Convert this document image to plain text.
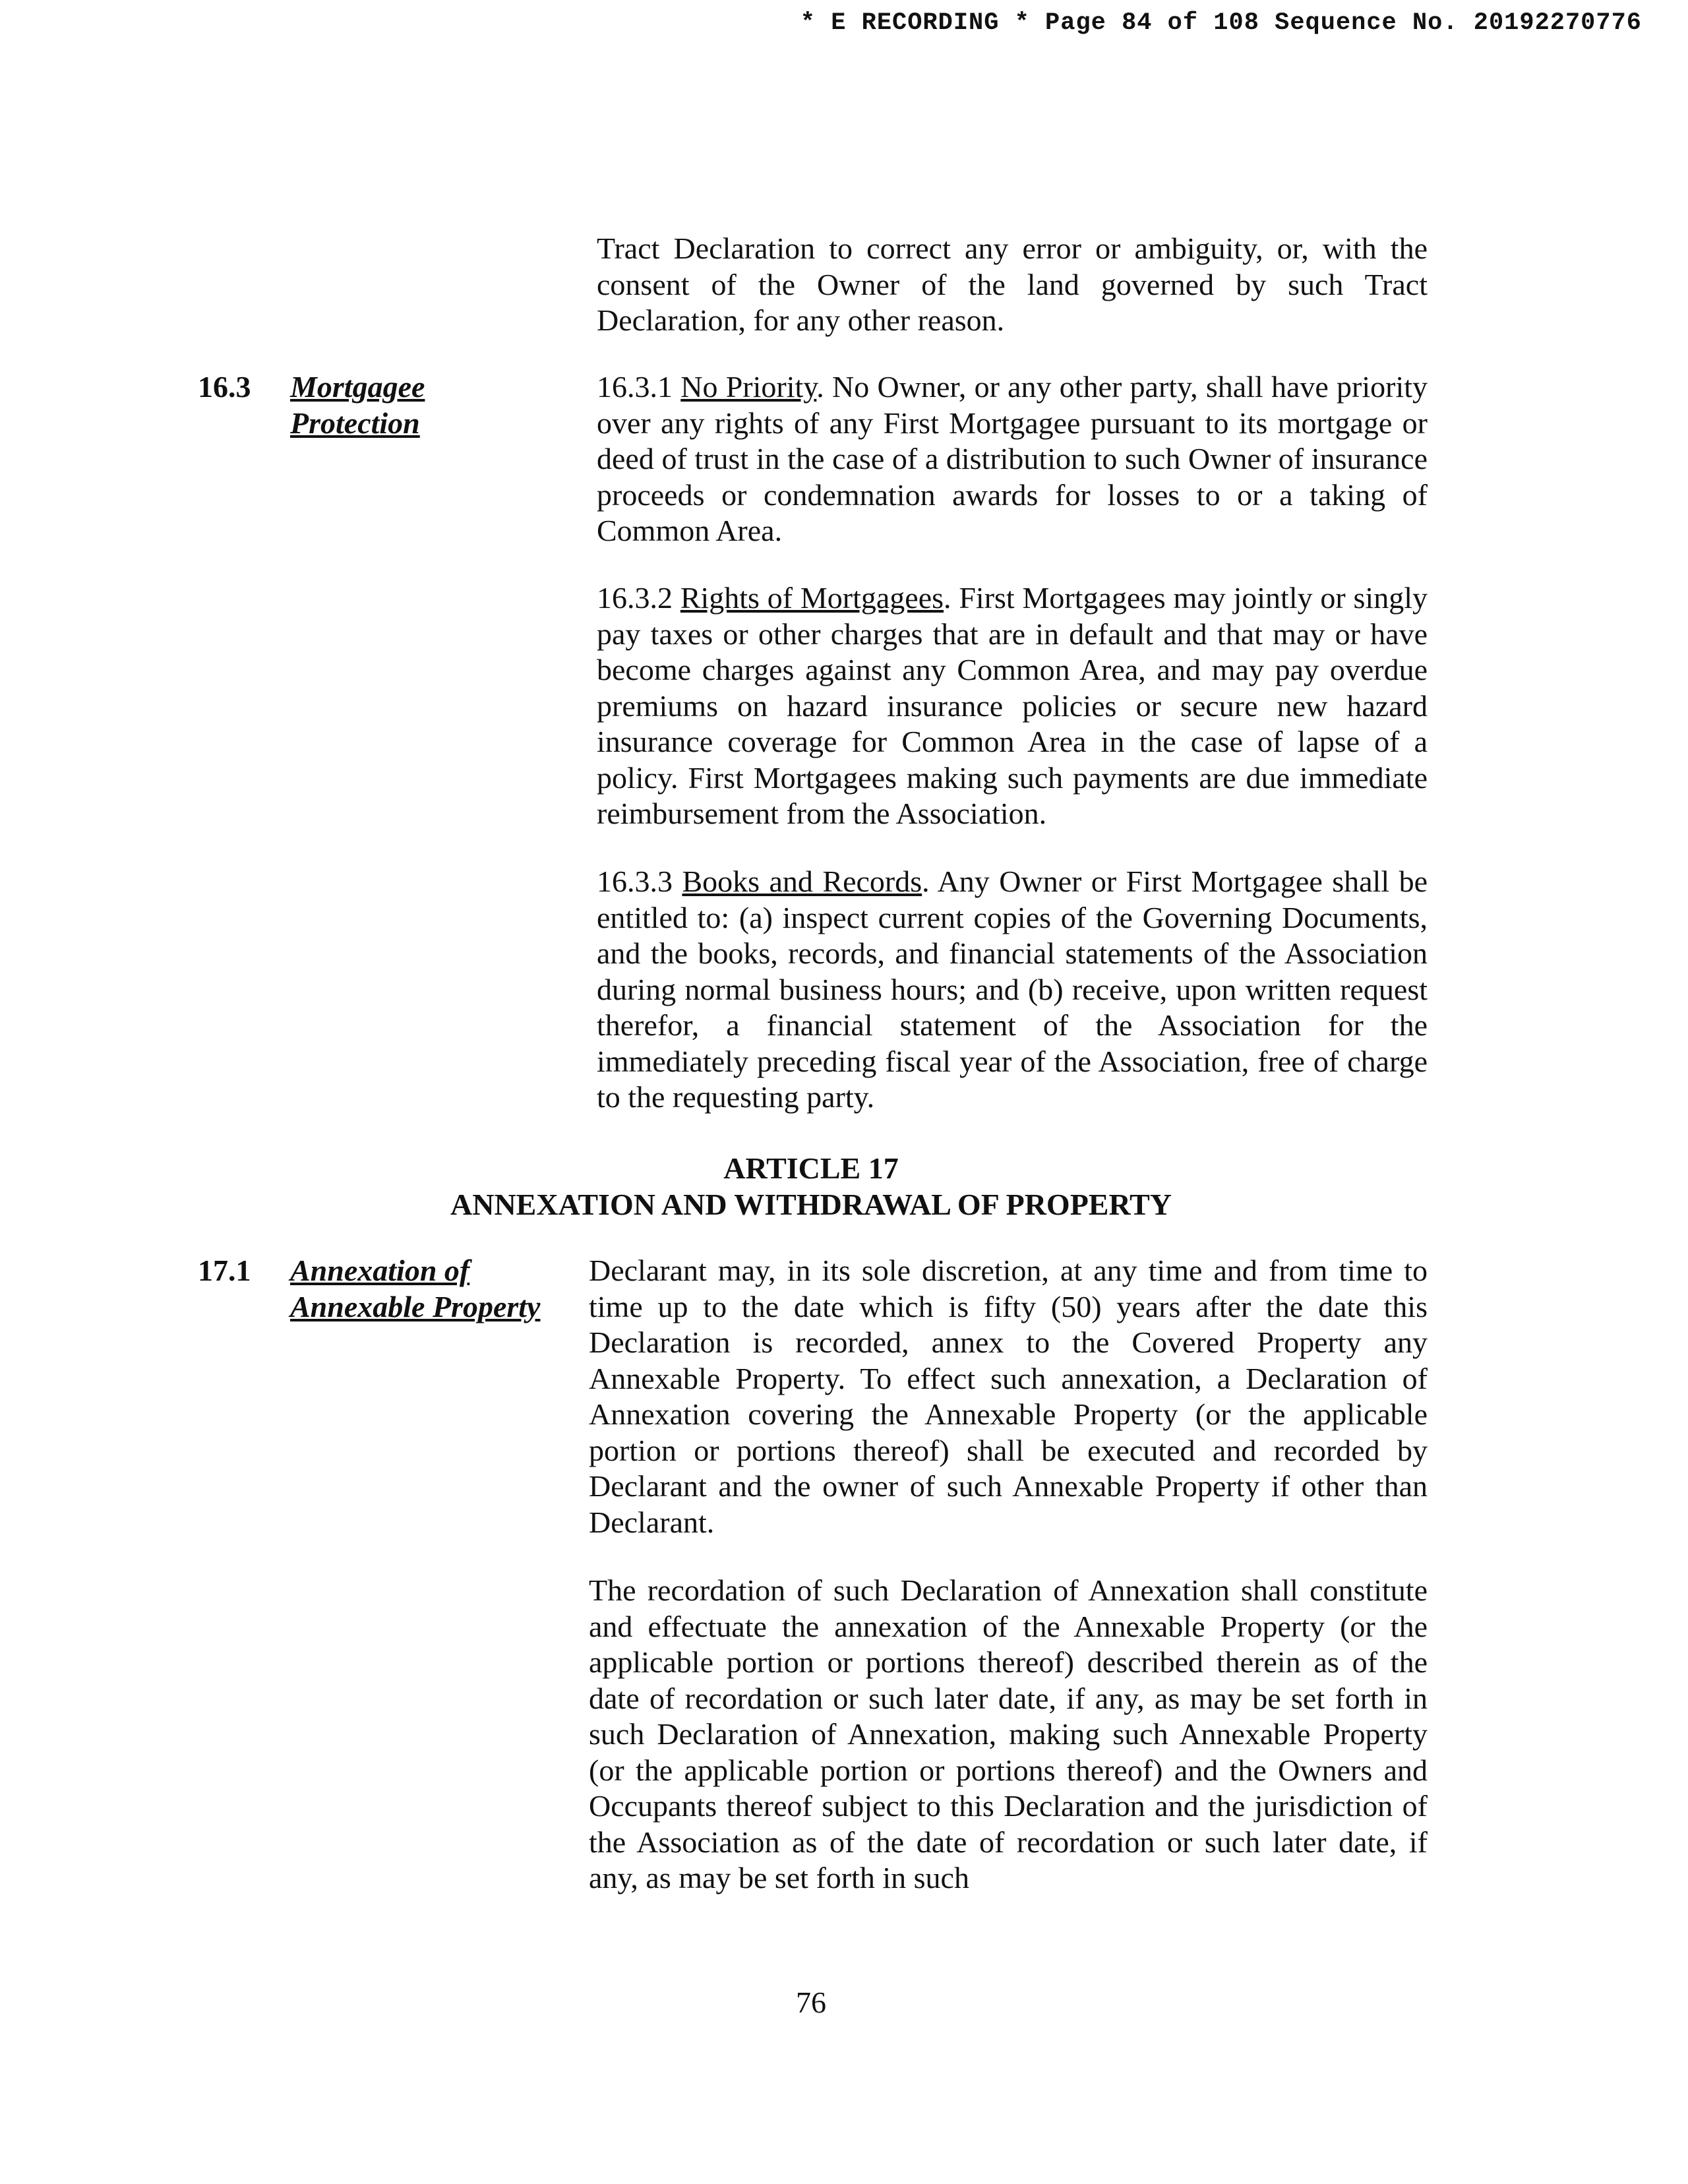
* E RECORDING * Page 84 of 108 Sequence No. 20192270776
Tract Declaration to correct any error or ambiguity, or, with the consent of the Owner of the land governed by such Tract Declaration, for any other reason.
16.3 Mortgagee
Protection
16.3.1 No Priority. No Owner, or any other party, shall have priority over any rights of any First Mortgagee pursuant to its mortgage or deed of trust in the case of a distribution to such Owner of insurance proceeds or condemnation awards for losses to or a taking of Common Area.
16.3.2 Rights of Mortgagees. First Mortgagees may jointly or singly pay taxes or other charges that are in default and that may or have become charges against any Common Area, and may pay overdue premiums on hazard insurance policies or secure new hazard insurance coverage for Common Area in the case of lapse of a policy. First Mortgagees making such payments are due immediate reimbursement from the Association.
16.3.3 Books and Records. Any Owner or First Mortgagee shall be entitled to: (a) inspect current copies of the Governing Documents, and the books, records, and financial statements of the Association during normal business hours; and (b) receive, upon written request therefor, a financial statement of the Association for the immediately preceding fiscal year of the Association, free of charge to the requesting party.
ARTICLE 17
ANNEXATION AND WITHDRAWAL OF PROPERTY
17.1 Annexation of
Annexable Property
Declarant may, in its sole discretion, at any time and from time to time up to the date which is fifty (50) years after the date this Declaration is recorded, annex to the Covered Property any Annexable Property. To effect such annexation, a Declaration of Annexation covering the Annexable Property (or the applicable portion or portions thereof) shall be executed and recorded by Declarant and the owner of such Annexable Property if other than Declarant.
The recordation of such Declaration of Annexation shall constitute and effectuate the annexation of the Annexable Property (or the applicable portion or portions thereof) described therein as of the date of recordation or such later date, if any, as may be set forth in such Declaration of Annexation, making such Annexable Property (or the applicable portion or portions thereof) and the Owners and Occupants thereof subject to this Declaration and the jurisdiction of the Association as of the date of recordation or such later date, if any, as may be set forth in such
76
